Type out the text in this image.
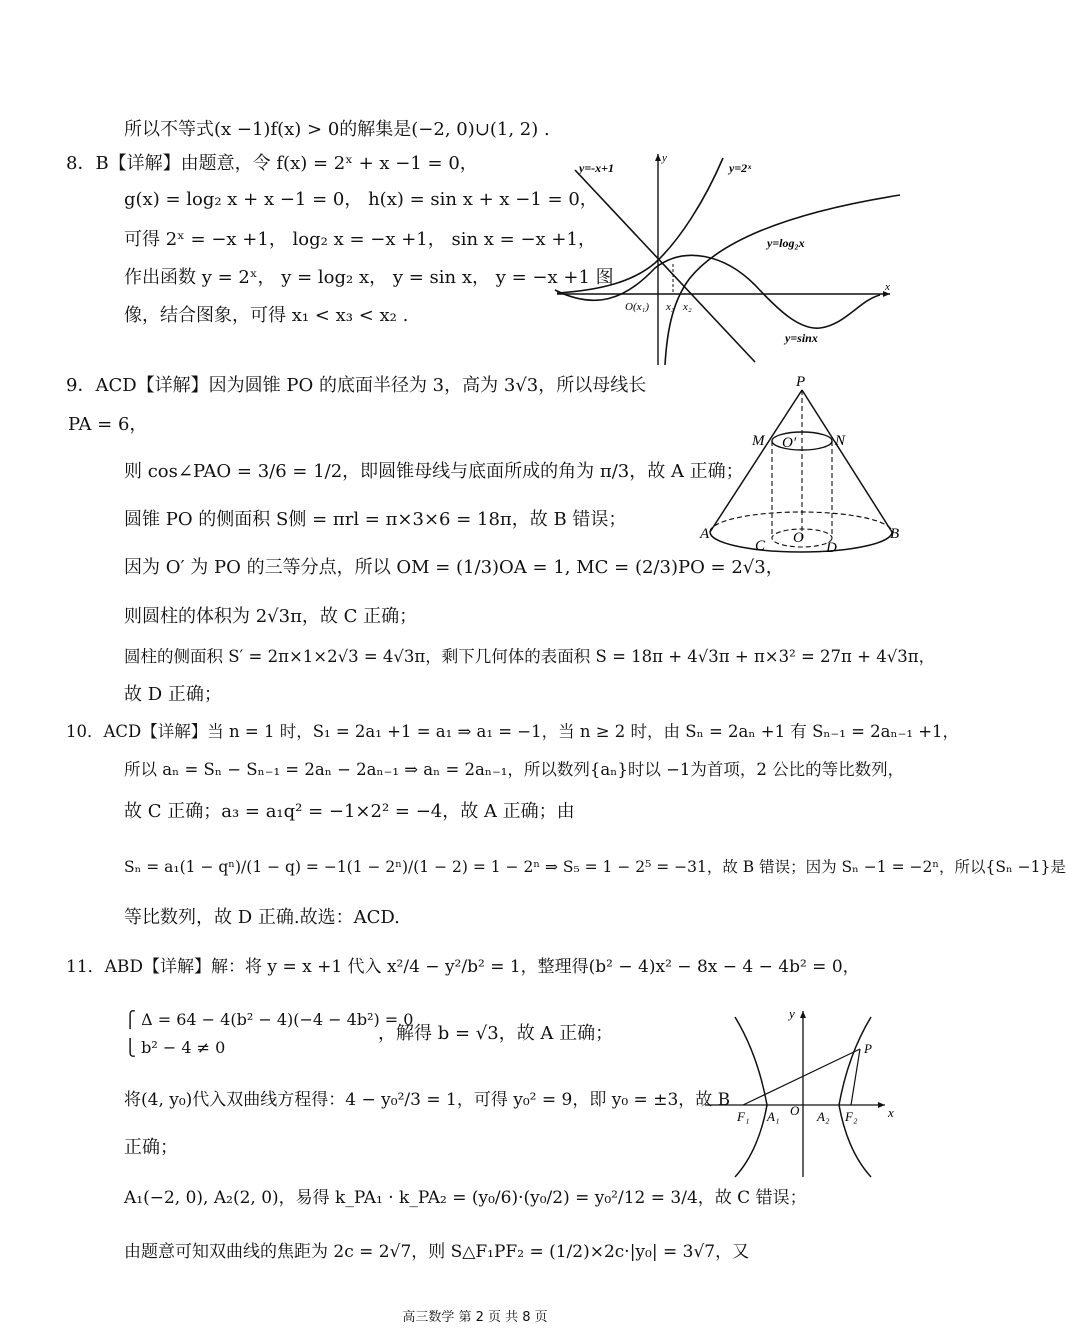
所以不等式(x −1)f(x) > 0的解集是(−2, 0)∪(1, 2) .
8．B【详解】由题意，令 f(x) = 2ˣ + x −1 = 0，
g(x) = log₂ x + x −1 = 0， h(x) = sin x + x −1 = 0，
可得 2ˣ = −x +1， log₂ x = −x +1， sin x = −x +1，
作出函数 y = 2ˣ， y = log₂ x， y = sin x， y = −x +1 图
像，结合图象，可得 x₁ < x₃ < x₂ .
9．ACD【详解】因为圆锥 PO 的底面半径为 3，高为 3√3，所以母线长
PA = 6，
则 cos∠PAO = 3/6 = 1/2，即圆锥母线与底面所成的角为 π/3，故 A 正确；
圆锥 PO 的侧面积 S侧 = πrl = π×3×6 = 18π，故 B 错误；
因为 O′ 为 PO 的三等分点，所以 OM = (1/3)OA = 1, MC = (2/3)PO = 2√3，
则圆柱的体积为 2√3π，故 C 正确；
圆柱的侧面积 S′ = 2π×1×2√3 = 4√3π，剩下几何体的表面积 S = 18π + 4√3π + π×3² = 27π + 4√3π，
故 D 正确；
10．ACD【详解】当 n = 1 时，S₁ = 2a₁ +1 = a₁ ⇒ a₁ = −1，当 n ≥ 2 时，由 Sₙ = 2aₙ +1 有 Sₙ₋₁ = 2aₙ₋₁ +1，
所以 aₙ = Sₙ − Sₙ₋₁ = 2aₙ − 2aₙ₋₁ ⇒ aₙ = 2aₙ₋₁，所以数列{aₙ}时以 −1为首项，2 公比的等比数列，
故 C 正确；a₃ = a₁q² = −1×2² = −4，故 A 正确；由
Sₙ = a₁(1 − qⁿ)/(1 − q) = −1(1 − 2ⁿ)/(1 − 2) = 1 − 2ⁿ ⇒ S₅ = 1 − 2⁵ = −31，故 B 错误；因为 Sₙ −1 = −2ⁿ，所以{Sₙ −1}是
等比数列，故 D 正确.故选：ACD.
11．ABD【详解】解：将 y = x +1 代入 x²/4 − y²/b² = 1，整理得(b² − 4)x² − 8x − 4 − 4b² = 0，
⎧ Δ = 64 − 4(b² − 4)(−4 − 4b²) = 0
⎩ b² − 4 ≠ 0
，解得 b = √3，故 A 正确；
将(4, y₀)代入双曲线方程得：4 − y₀²/3 = 1，可得 y₀² = 9，即 y₀ = ±3，故 B
正确；
A₁(−2, 0), A₂(2, 0)，易得 k_PA₁ · k_PA₂ = (y₀/6)·(y₀/2) = y₀²/12 = 3/4，故 C 错误；
由题意可知双曲线的焦距为 2c = 2√7，则 S△F₁PF₂ = (1/2)×2c·|y₀| = 3√7，又
y
x
y=-x+1	y=2ˣ
y=log₂x
y=sinx
O(x₁) x₃ x₂
P
M O′	N
A
C O
D
B
y
x
P
F₁ A₁ O A₂ F₂
高三数学 第 2 页 共 8 页
